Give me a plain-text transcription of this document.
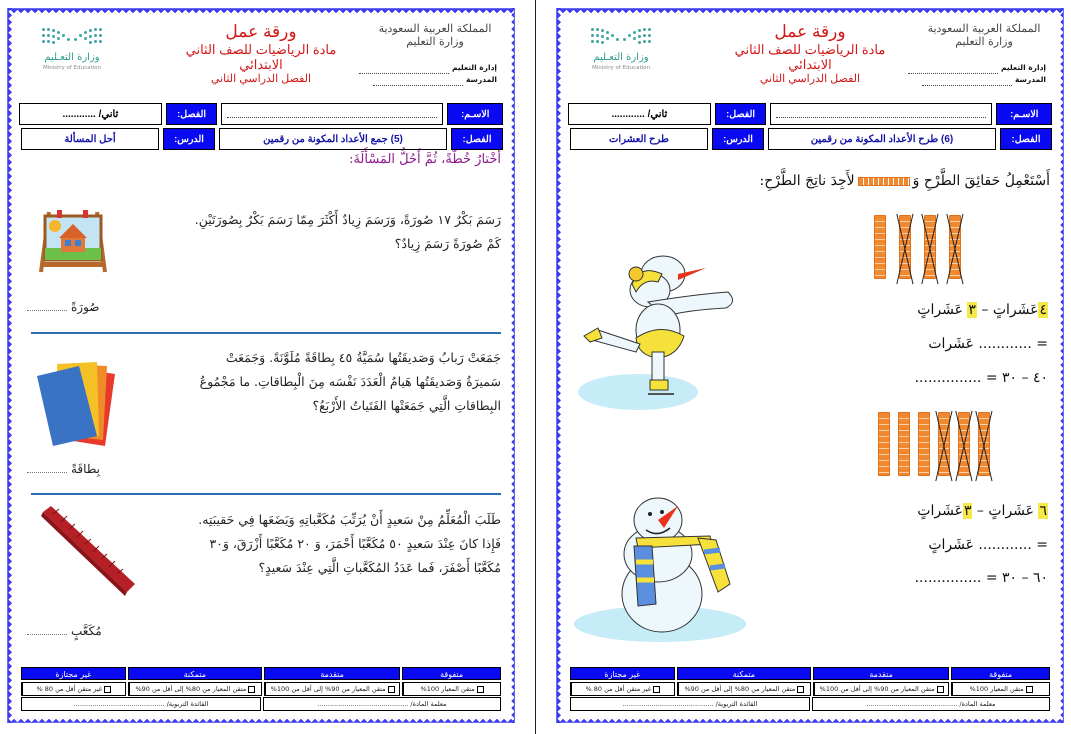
المملكة العربية السعودية
وزارة التعليم
إدارة التعليم
المدرسة
ورقة عمل
مادة الرياضيات للصف الثاني
الابتدائي
الفصل الدراسي الثاني
وزارة التعـليم
Ministry of Education
الاسـم:
الفصل:
ثاني/ ............
الفصل:
(5) جمع الأعداد المكونة من رقمين
الدرس:
أحل المسألة
أَخْتارُ خُطَّةً، ثُمَّ أَحُلُّ المَسْأَلَةَ:
رَسَمَ بَكْرٌ ١٧ صُورَةً، وَرَسَمَ زِيادٌ أَكْثَرَ مِمّا رَسَمَ بَكْرٌ بِصُورَتَيْنِ.
كَمْ صُورَةً رَسَمَ زِيادٌ؟
صُورَةً
جَمَعَتْ رَبابُ وَصَديقَتُها سُمَيَّةُ ٤٥ بِطاقَةً مُلَوَّنَةً. وَجَمَعَتْ
سَميرَةُ وَصَديقَتُها هَيامُ الْعَدَدَ نَفْسَه مِنَ الْبِطاقاتِ. ما مَجْمُوعُ
البِطاقاتِ الَّتِي جَمَعَتْها الفَتَياتُ الأَرْبَعُ؟
بِطاقَةً
طَلَبَ الْمُعَلِّمُ مِنْ سَعيدٍ أَنْ يُرَتِّبَ مُكَعَّباتِهِ وَيَضَعَها فِي حَقيبَتِه.
فَإِذا كانَ عِنْدَ سَعيدٍ ٥٠ مُكَعَّبًا أَحْمَرَ، وَ ٢٠ مُكَعَّبًا أَزْرَقَ، وَ٣٠
مُكَعَّبًا أَصْفَرَ، فَما عَدَدُ المُكَعَّباتِ الَّتِي عِنْدَ سَعيدٍ؟
مُكَعَّبٍ
متفوقة
متقدمة
متمكنة
غير مجتازة
متقن المعيار 100%
متقن المعيار من 90% إلى أقل من 100%
متقن المعيار من 80% إلى أقل من 90%
غير متقن أقل من 80 %
معلمة المادة/ ............................................
القائدة التربوية/ ............................................
المملكة العربية السعودية
وزارة التعليم
إدارة التعليم
المدرسة
ورقة عمل
مادة الرياضيات للصف الثاني
الابتدائي
الفصل الدراسي الثاني
وزارة التعـليم
Ministry of Education
الاسـم:
الفصل:
ثاني/ ............
الفصل:
(6) طرح الأعداد المكونة من رقمين
الدرس:
طرح العشرات
أَسْتَعْمِلُ حَقائِقَ الطَّرْحِ وَلأَجِدَ ناتِجَ الطَّرْحِ:
٤عَشَراتٍ – ٣ عَشَراتٍ
= ............ عَشَرات
٤٠ – ٣٠ = ...............
٦ عَشَراتٍ – ٣عَشَراتٍ
= ............ عَشَراتٍ
٦٠ – ٣٠ = ...............
متفوقة
متقدمة
متمكنة
غير مجتازة
متقن المعيار 100%
متقن المعيار من 90% إلى أقل من 100%
متقن المعيار من 80% إلى أقل من 90%
غير متقن أقل من 80 %
معلمة المادة/ ............................................
القائدة التربوية/ ............................................
